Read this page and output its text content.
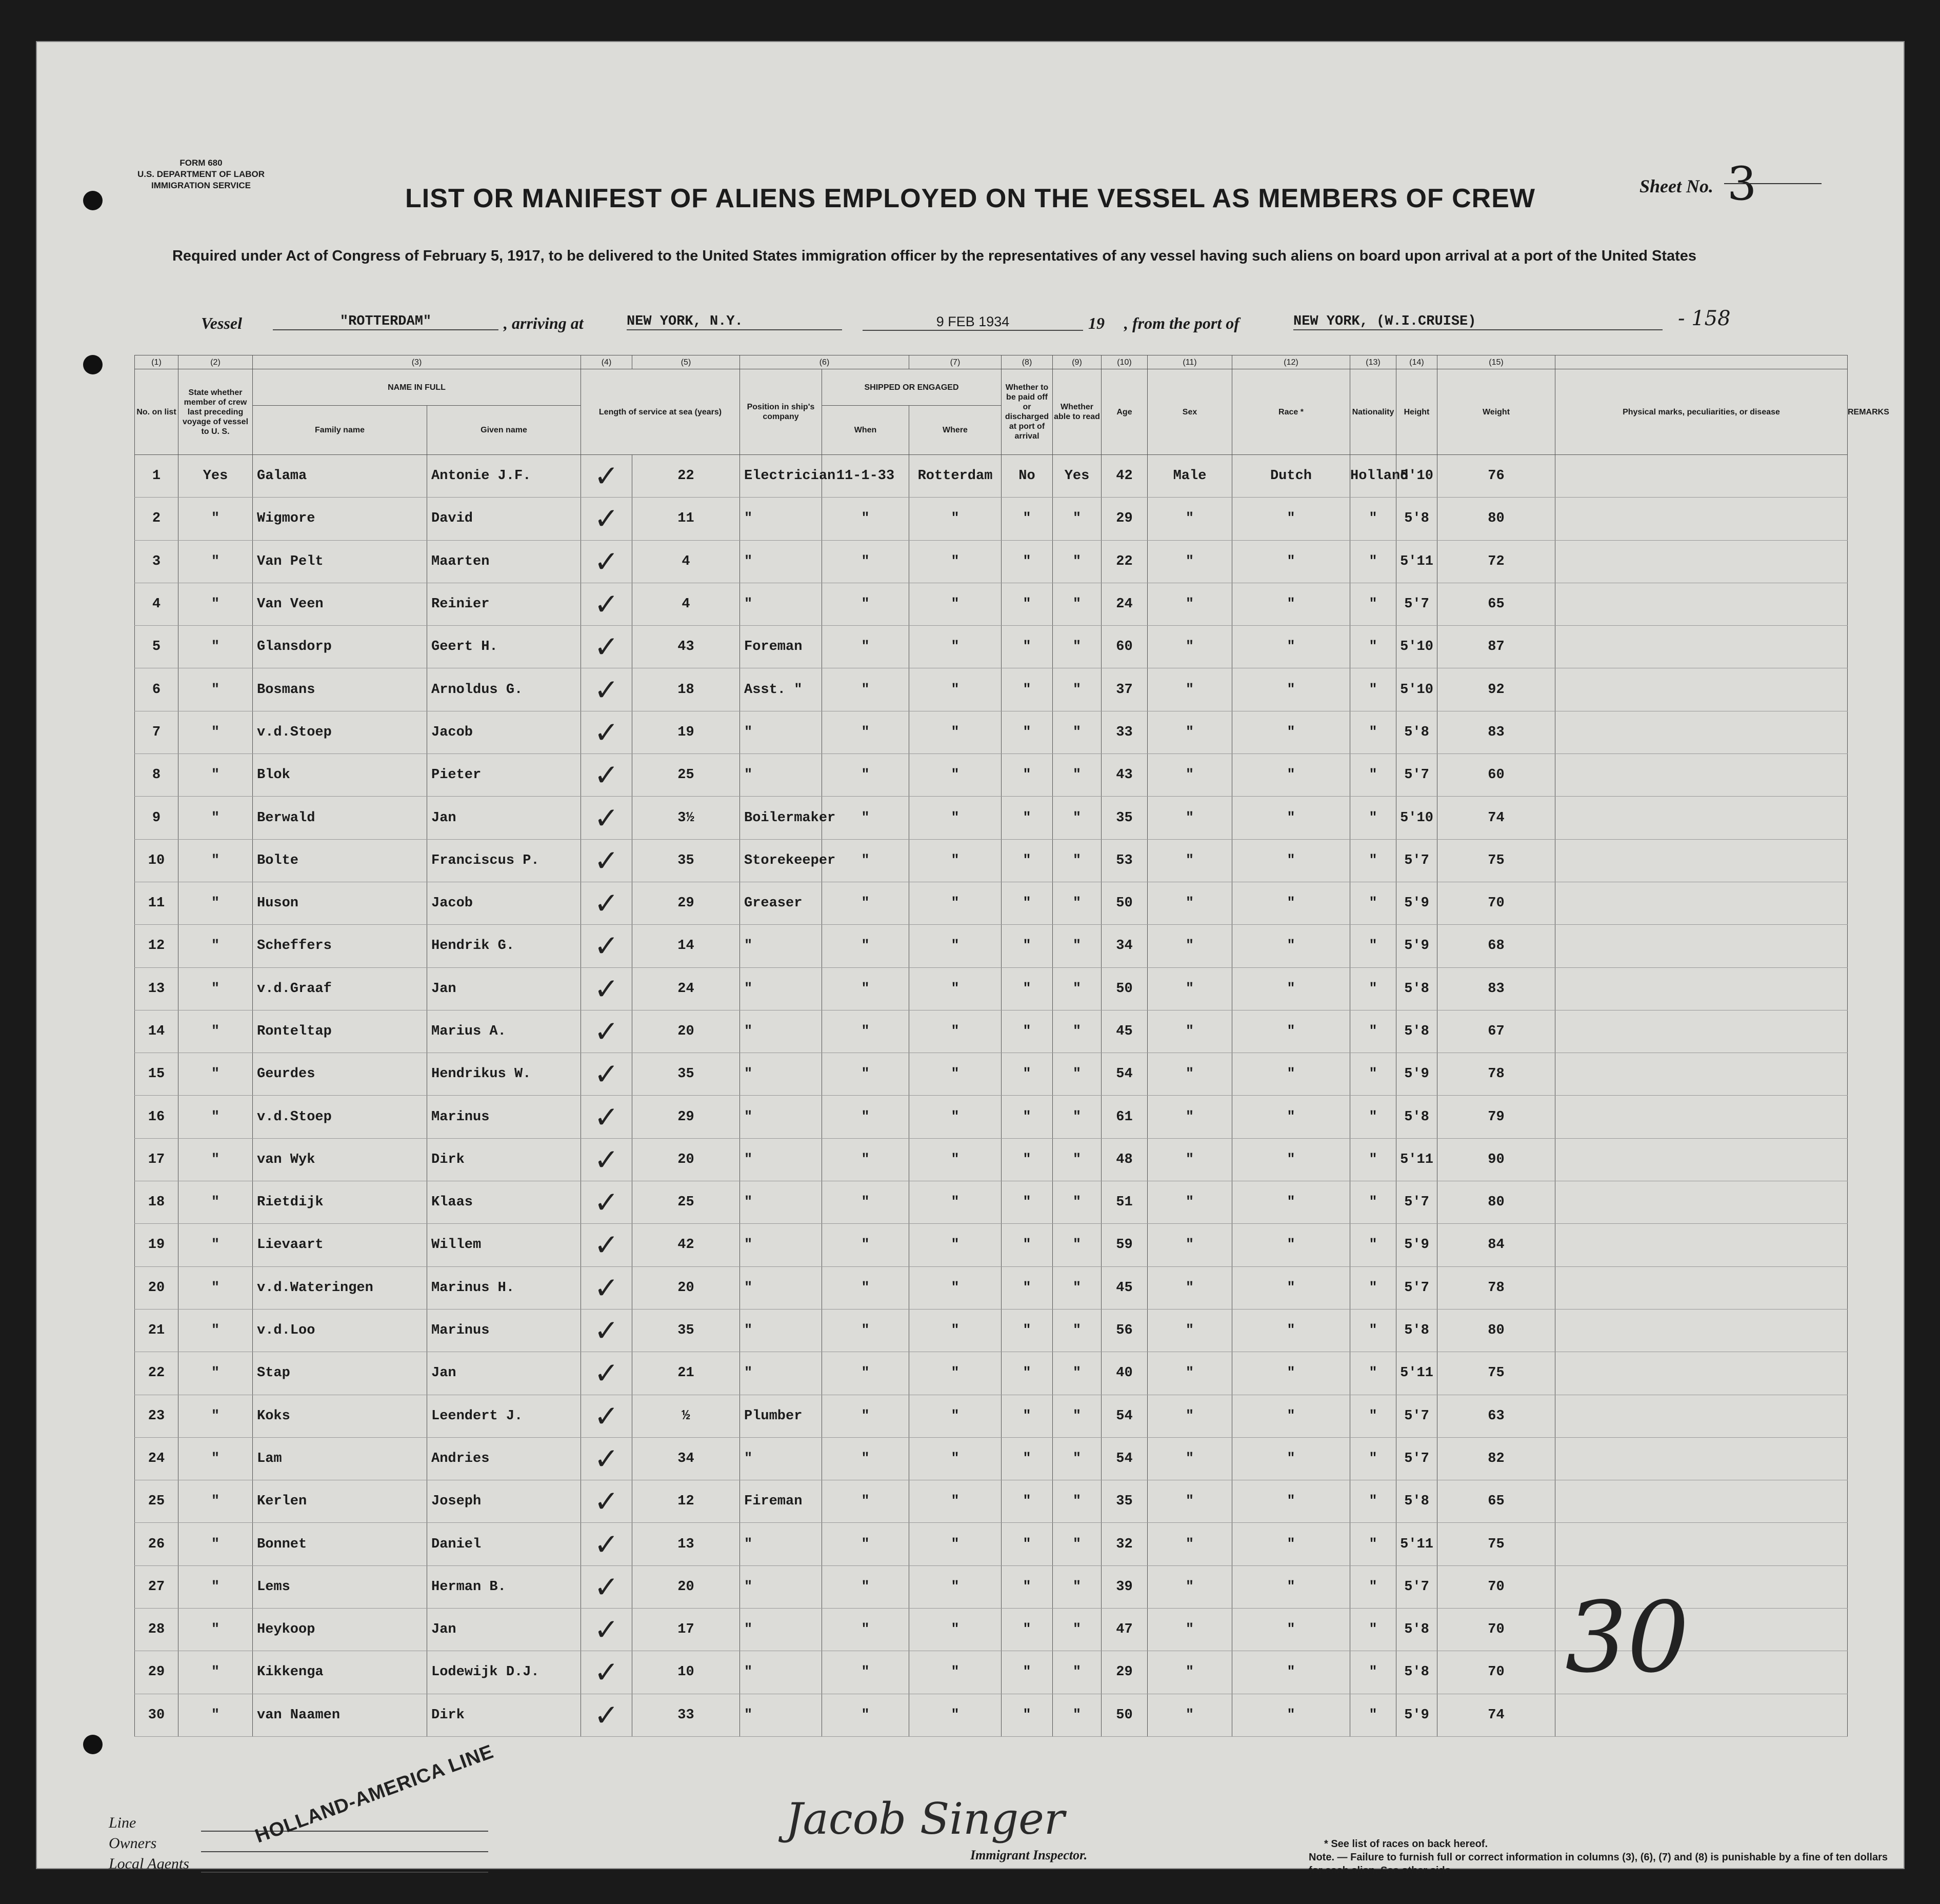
FORM 680
U.S. DEPARTMENT OF LABOR
IMMIGRATION SERVICE	Sheet No. 3
LIST OR MANIFEST OF ALIENS EMPLOYED ON THE VESSEL AS MEMBERS OF CREW
Required under Act of Congress of February 5, 1917, to be delivered to the United States immigration officer by the representatives of any vessel having such aliens on board upon arrival at a port of the United States
Vessel	"ROTTERDAM"	, arriving at	NEW YORK, N.Y.	9 FEB 1934	19 , from the port of	NEW YORK, (W.I.CRUISE)	- 158
(1)	(2)	(3)		(4)	(5)	(6)		(7)	(8)	(9)	(10)	(11)	(12)	(13)	(14)	(15)		
No. on list	State whether member of crew last preceding voyage of vessel to U. S.	NAME IN FULL		Length of service at sea (years)		Position in ship's company	SHIPPED OR ENGAGED		Whether to be paid off or discharged at port of arrival	Whether able to read	Age	Sex	Race *	Nationality	Height	Weight	Physical marks, peculiarities, or disease	REMARKS
		Family name	Given name				When	Where										
1	Yes	Galama	Antonie J.F.	✓	22	Electrician	11-1-33	Rotterdam	No	Yes	42	Male	Dutch	Holland	5'10	76		
2	"	Wigmore	David	✓	11	"	"	"	"	"	29	"	"	"	5'8	80		
3	"	Van Pelt	Maarten	✓	4	"	"	"	"	"	22	"	"	"	5'11	72		
4	"	Van Veen	Reinier	✓	4	"	"	"	"	"	24	"	"	"	5'7	65		
5	"	Glansdorp	Geert H.	✓	43	Foreman	"	"	"	"	60	"	"	"	5'10	87		
6	"	Bosmans	Arnoldus G.	✓	18	Asst. "	"	"	"	"	37	"	"	"	5'10	92		
7	"	v.d.Stoep	Jacob	✓	19	"	"	"	"	"	33	"	"	"	5'8	83		
8	"	Blok	Pieter	✓	25	"	"	"	"	"	43	"	"	"	5'7	60		
9	"	Berwald	Jan	✓	3½	Boilermaker	"	"	"	"	35	"	"	"	5'10	74		
10	"	Bolte	Franciscus P.	✓	35	Storekeeper	"	"	"	"	53	"	"	"	5'7	75		
11	"	Huson	Jacob	✓	29	Greaser	"	"	"	"	50	"	"	"	5'9	70		
12	"	Scheffers	Hendrik G.	✓	14	"	"	"	"	"	34	"	"	"	5'9	68		
13	"	v.d.Graaf	Jan	✓	24	"	"	"	"	"	50	"	"	"	5'8	83		
14	"	Ronteltap	Marius A.	✓	20	"	"	"	"	"	45	"	"	"	5'8	67		
15	"	Geurdes	Hendrikus W.	✓	35	"	"	"	"	"	54	"	"	"	5'9	78		
16	"	v.d.Stoep	Marinus	✓	29	"	"	"	"	"	61	"	"	"	5'8	79		
17	"	van Wyk	Dirk	✓	20	"	"	"	"	"	48	"	"	"	5'11	90		
18	"	Rietdijk	Klaas	✓	25	"	"	"	"	"	51	"	"	"	5'7	80		
19	"	Lievaart	Willem	✓	42	"	"	"	"	"	59	"	"	"	5'9	84		
20	"	v.d.Wateringen	Marinus H.	✓	20	"	"	"	"	"	45	"	"	"	5'7	78		
21	"	v.d.Loo	Marinus	✓	35	"	"	"	"	"	56	"	"	"	5'8	80		
22	"	Stap	Jan	✓	21	"	"	"	"	"	40	"	"	"	5'11	75		
23	"	Koks	Leendert J.	✓	½	Plumber	"	"	"	"	54	"	"	"	5'7	63		
24	"	Lam	Andries	✓	34	"	"	"	"	"	54	"	"	"	5'7	82		
25	"	Kerlen	Joseph	✓	12	Fireman	"	"	"	"	35	"	"	"	5'8	65		
26	"	Bonnet	Daniel	✓	13	"	"	"	"	"	32	"	"	"	5'11	75		
27	"	Lems	Herman B.	✓	20	"	"	"	"	"	39	"	"	"	5'7	70		
28	"	Heykoop	Jan	✓	17	"	"	"	"	"	47	"	"	"	5'8	70		
29	"	Kikkenga	Lodewijk D.J.	✓	10	"	"	"	"	"	29	"	"	"	5'8	70		
30	"	van Naamen	Dirk	✓	33	"	"	"	"	"	50	"	"	"	5'9	74		
30
Line
Owners
Local Agents
HOLLAND-AMERICA LINE	Jacob Singer
Immigrant Inspector.
* See list of races on back hereof.
Note. — Failure to furnish full or correct information in columns (3), (6), (7) and (8) is punishable by a fine of ten dollars for each alien. See other side.
